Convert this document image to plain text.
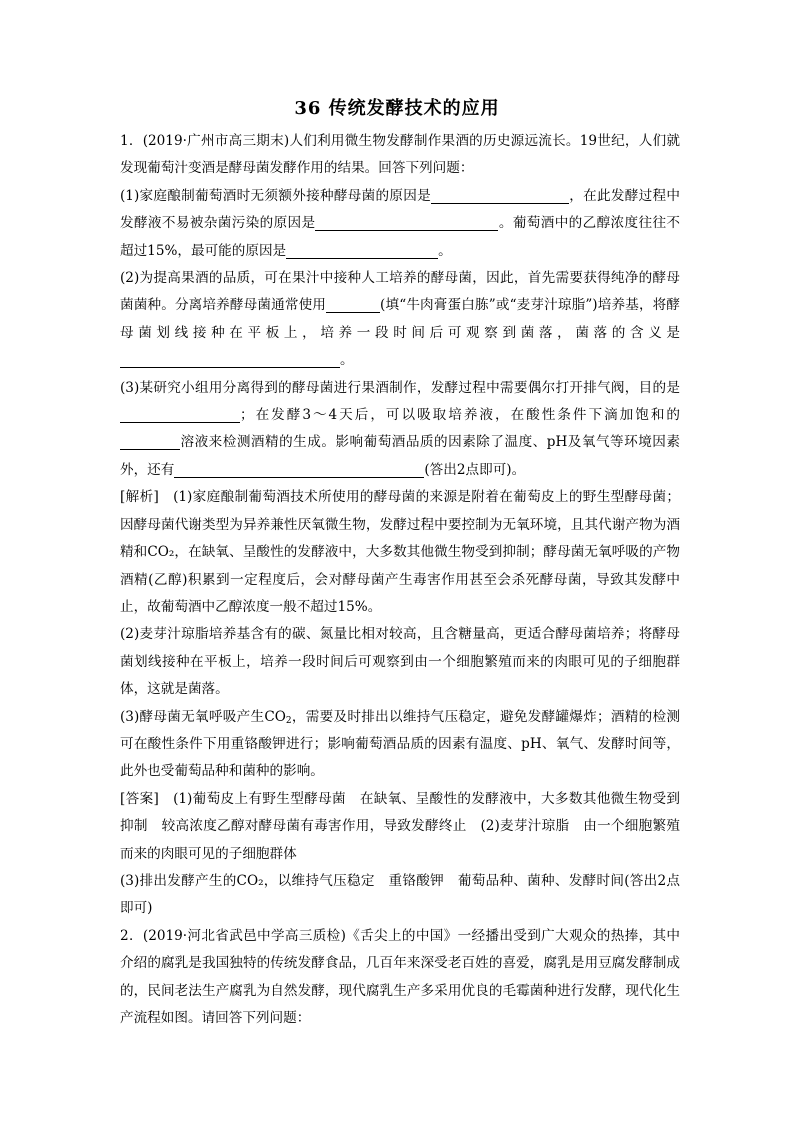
36 传统发酵技术的应用

1．(2019·广州市高三期末)人们利用微生物发酵制作果酒的历史源远流长。19世纪，人们就发现葡萄汁变酒是酵母菌发酵作用的结果。回答下列问题：

(1)家庭酿制葡萄酒时无须额外接种酵母菌的原因是	，在此发酵过程中发酵液不易被杂菌污染的原因是	。葡萄酒中的乙醇浓度往往不超过15%，最可能的原因是	。

(2)为提高果酒的品质，可在果汁中接种人工培养的酵母菌，因此，首先需要获得纯净的酵母菌菌种。分离培养酵母菌通常使用	(填“牛肉膏蛋白胨”或“麦芽汁琼脂”)培养基，将酵母菌划线接种在平板上，培养一段时间后可观察到菌落，菌落的含义是。

(3)某研究小组用分离得到的酵母菌进行果酒制作，发酵过程中需要偶尔打开排气阀，目的是；在发酵3～4天后，可以吸取培养液，在酸性条件下滴加饱和的溶液来检测酒精的生成。影响葡萄酒品质的因素除了温度、pH及氧气等环境因素外，还有	(答出2点即可)。

[解析]　(1)家庭酿制葡萄酒技术所使用的酵母菌的来源是附着在葡萄皮上的野生型酵母菌；因酵母菌代谢类型为异养兼性厌氧微生物，发酵过程中要控制为无氧环境，且其代谢产物为酒精和CO₂，在缺氧、呈酸性的发酵液中，大多数其他微生物受到抑制；酵母菌无氧呼吸的产物酒精(乙醇)积累到一定程度后，会对酵母菌产生毒害作用甚至会杀死酵母菌，导致其发酵中止，故葡萄酒中乙醇浓度一般不超过15%。

(2)麦芽汁琼脂培养基含有的碳、氮量比相对较高，且含糖量高，更适合酵母菌培养；将酵母菌划线接种在平板上，培养一段时间后可观察到由一个细胞繁殖而来的肉眼可见的子细胞群体，这就是菌落。

(3)酵母菌无氧呼吸产生$CO_2$，需要及时排出以维持气压稳定，避免发酵罐爆炸；酒精的检测可在酸性条件下用重铬酸钾进行；影响葡萄酒品质的因素有温度、pH、氧气、发酵时间等，此外也受葡萄品种和菌种的影响。

[答案]　(1)葡萄皮上有野生型酵母菌　在缺氧、呈酸性的发酵液中，大多数其他微生物受到抑制　较高浓度乙醇对酵母菌有毒害作用，导致发酵终止　(2)麦芽汁琼脂　由一个细胞繁殖而来的肉眼可见的子细胞群体

(3)排出发酵产生的CO₂，以维持气压稳定　重铬酸钾　葡萄品种、菌种、发酵时间(答出2点即可)

2．(2019·河北省武邑中学高三质检)《舌尖上的中国》一经播出受到广大观众的热捧，其中介绍的腐乳是我国独特的传统发酵食品，几百年来深受老百姓的喜爱，腐乳是用豆腐发酵制成的，民间老法生产腐乳为自然发酵，现代腐乳生产多采用优良的毛霉菌种进行发酵，现代化生产流程如图。请回答下列问题：
